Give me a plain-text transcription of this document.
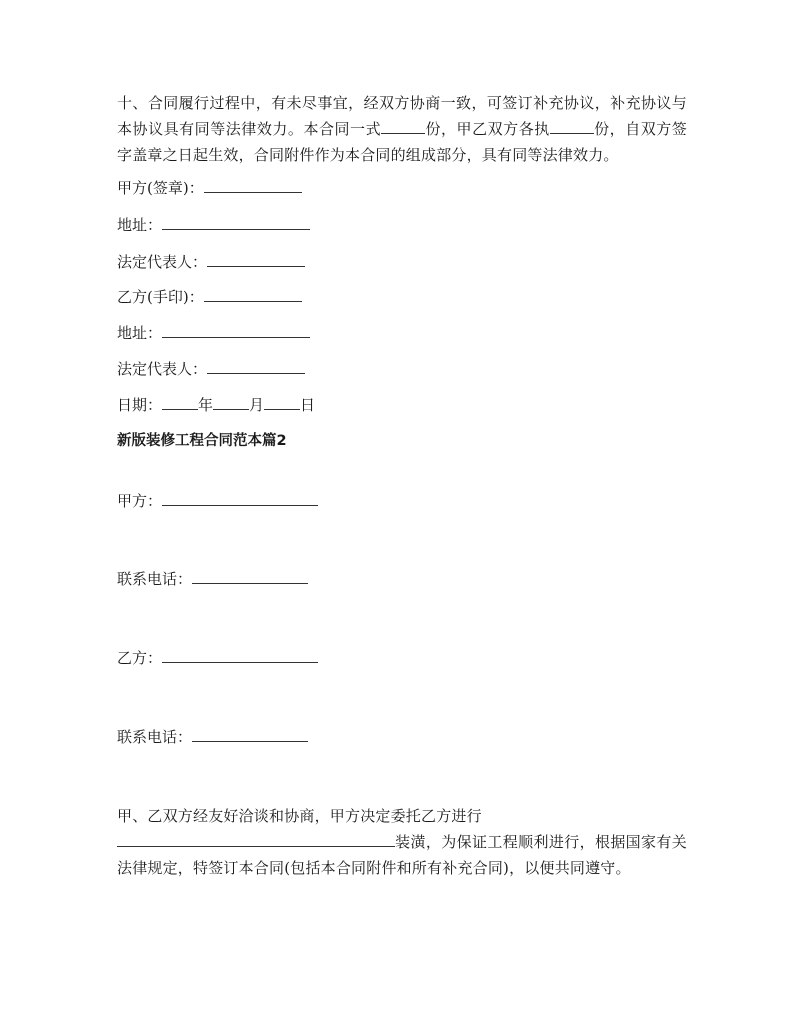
十、合同履行过程中，有未尽事宜，经双方协商一致，可签订补充协议，补充协议与本协议具有同等法律效力。本合同一式	份，甲乙双方各执	份，自双方签字盖章之日起生效，合同附件作为本合同的组成部分，具有同等法律效力。

甲方(签章)：

地址：

法定代表人：

乙方(手印)：

地址：

法定代表人：

日期： 年 月 日

新版装修工程合同范本篇2

甲方：

联系电话：

乙方：

联系电话：

甲、乙双方经友好洽谈和协商，甲方决定委托乙方进行
装潢，为保证工程顺利进行，根据国家有关法律规定，特签订本合同(包括本合同附件和所有补充合同)，以便共同遵守。
